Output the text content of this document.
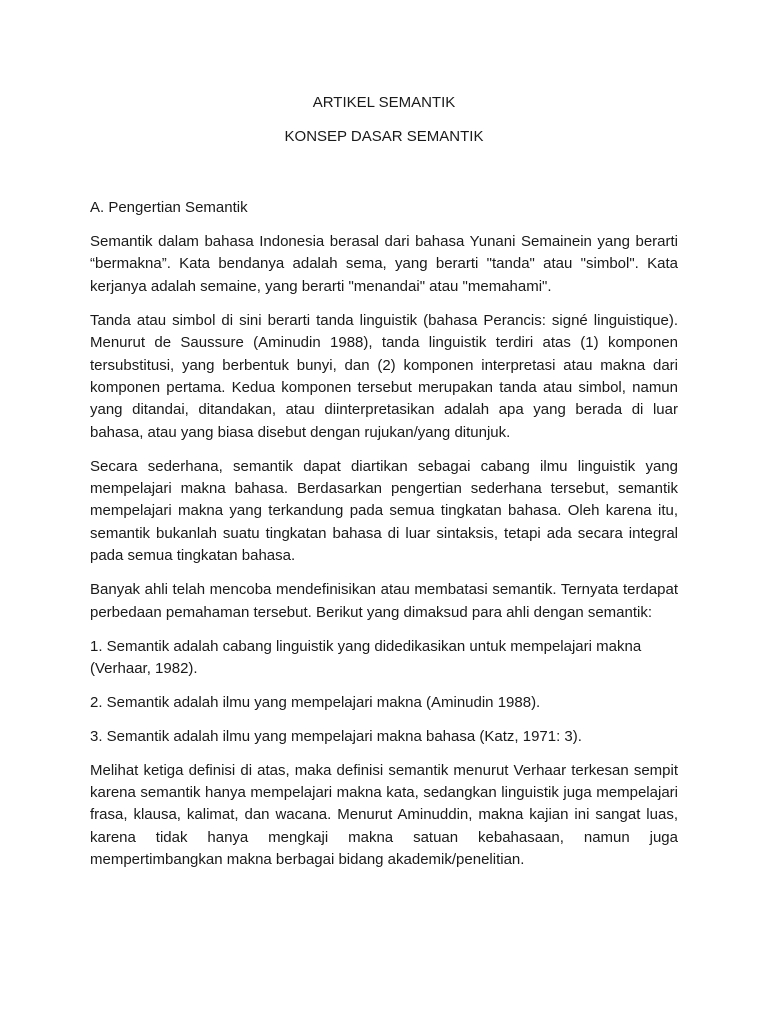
ARTIKEL SEMANTIK
KONSEP DASAR SEMANTIK
A. Pengertian Semantik

Semantik dalam bahasa Indonesia berasal dari bahasa Yunani Semainein yang berarti “bermakna”. Kata bendanya adalah sema, yang berarti "tanda" atau "simbol". Kata kerjanya adalah semaine, yang berarti "menandai" atau "memahami".

Tanda atau simbol di sini berarti tanda linguistik (bahasa Perancis: signé linguistique). Menurut de Saussure (Aminudin 1988), tanda linguistik terdiri atas (1) komponen tersubstitusi, yang berbentuk bunyi, dan (2) komponen interpretasi atau makna dari komponen pertama. Kedua komponen tersebut merupakan tanda atau simbol, namun yang ditandai, ditandakan, atau diinterpretasikan adalah apa yang berada di luar bahasa, atau yang biasa disebut dengan rujukan/yang ditunjuk.

Secara sederhana, semantik dapat diartikan sebagai cabang ilmu linguistik yang mempelajari makna bahasa. Berdasarkan pengertian sederhana tersebut, semantik mempelajari makna yang terkandung pada semua tingkatan bahasa. Oleh karena itu, semantik bukanlah suatu tingkatan bahasa di luar sintaksis, tetapi ada secara integral pada semua tingkatan bahasa.

Banyak ahli telah mencoba mendefinisikan atau membatasi semantik. Ternyata terdapat perbedaan pemahaman tersebut. Berikut yang dimaksud para ahli dengan semantik:

1. Semantik adalah cabang linguistik yang didedikasikan untuk mempelajari makna (Verhaar, 1982).

2. Semantik adalah ilmu yang mempelajari makna (Aminudin 1988).

3. Semantik adalah ilmu yang mempelajari makna bahasa (Katz, 1971: 3).

Melihat ketiga definisi di atas, maka definisi semantik menurut Verhaar terkesan sempit karena semantik hanya mempelajari makna kata, sedangkan linguistik juga mempelajari frasa, klausa, kalimat, dan wacana. Menurut Aminuddin, makna kajian ini sangat luas, karena tidak hanya mengkaji makna satuan kebahasaan, namun juga mempertimbangkan makna berbagai bidang akademik/penelitian.
